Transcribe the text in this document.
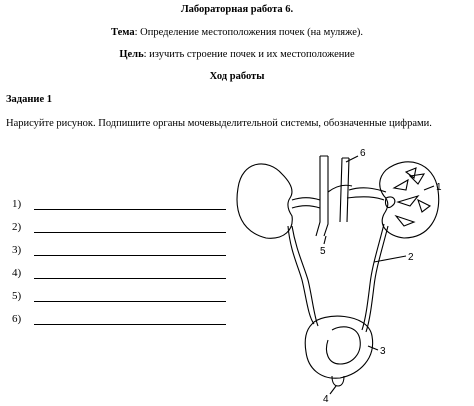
Лабораторная работа 6.
Тема: Определение местоположения почек (на муляже).
Цель: изучить строение почек и их местоположение
Ход работы
Задание 1
Нарисуйте рисунок. Подпишите органы мочевыделительной системы, обозначенные цифрами.
1)
2)
3)
4)
5)
6)
1
2
3
4
5
6
